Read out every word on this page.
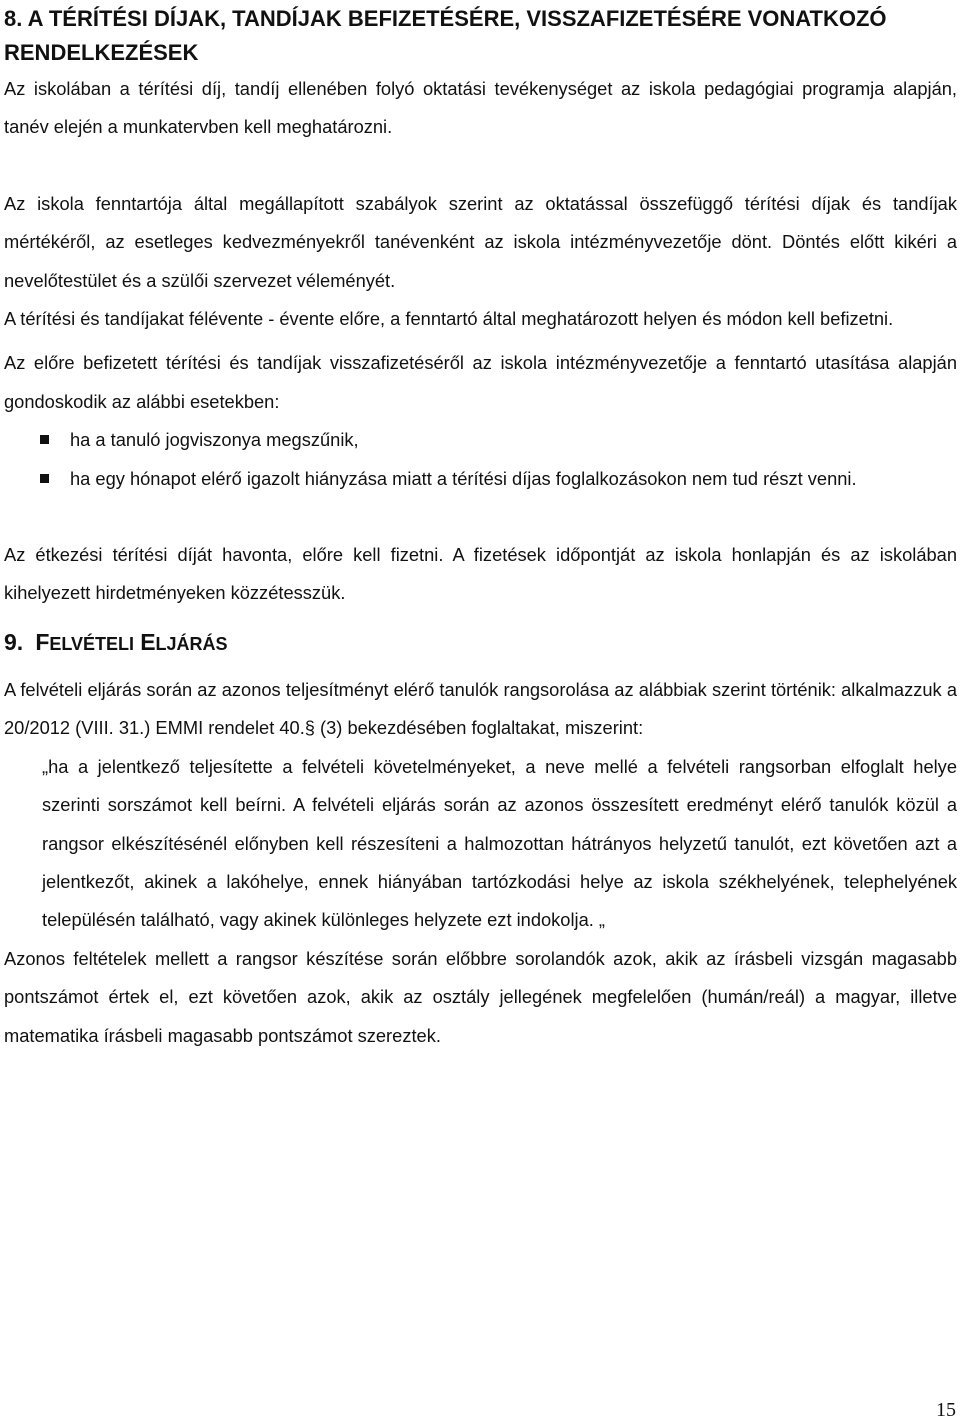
8. A TÉRÍTÉSI DÍJAK, TANDÍJAK BEFIZETÉSÉRE, VISSZAFIZETÉSÉRE VONATKOZÓ RENDELKEZÉSEK

Az iskolában a térítési díj, tandíj ellenében folyó oktatási tevékenységet az iskola pedagógiai programja alapján, tanév elején a munkatervben kell meghatározni.

Az iskola fenntartója által megállapított szabályok szerint az oktatással összefüggő térítési díjak és tandíjak mértékéről, az esetleges kedvezményekről tanévenként az iskola intézményvezetője dönt. Döntés előtt kikéri a nevelőtestület és a szülői szervezet véleményét.

A térítési és tandíjakat félévente - évente előre, a fenntartó által meghatározott helyen és módon kell befizetni.

Az előre befizetett térítési és tandíjak visszafizetéséről az iskola intézményvezetője a fenntartó utasítása alapján gondoskodik az alábbi esetekben:

ha a tanuló jogviszonya megszűnik,
ha egy hónapot elérő igazolt hiányzása miatt a térítési díjas foglalkozásokon nem tud részt venni.

Az étkezési térítési díját havonta, előre kell fizetni. A fizetések időpontját az iskola honlapján és az iskolában kihelyezett hirdetményeken közzétesszük.

9. FELVÉTELI ELJÁRÁS

A felvételi eljárás során az azonos teljesítményt elérő tanulók rangsorolása az alábbiak szerint történik: alkalmazzuk a 20/2012 (VIII. 31.) EMMI rendelet 40.§ (3) bekezdésében foglaltakat, miszerint:

„ha a jelentkező teljesítette a felvételi követelményeket, a neve mellé a felvételi rangsorban elfoglalt helye szerinti sorszámot kell beírni. A felvételi eljárás során az azonos összesített eredményt elérő tanulók közül a rangsor elkészítésénél előnyben kell részesíteni a halmozottan hátrányos helyzetű tanulót, ezt követően azt a jelentkezőt, akinek a lakóhelye, ennek hiányában tartózkodási helye az iskola székhelyének, telephelyének településén található, vagy akinek különleges helyzete ezt indokolja. „

Azonos feltételek mellett a rangsor készítése során előbbre sorolandók azok, akik az írásbeli vizsgán magasabb pontszámot értek el, ezt követően azok, akik az osztály jellegének megfelelően (humán/reál) a magyar, illetve matematika írásbeli magasabb pontszámot szereztek.

15
